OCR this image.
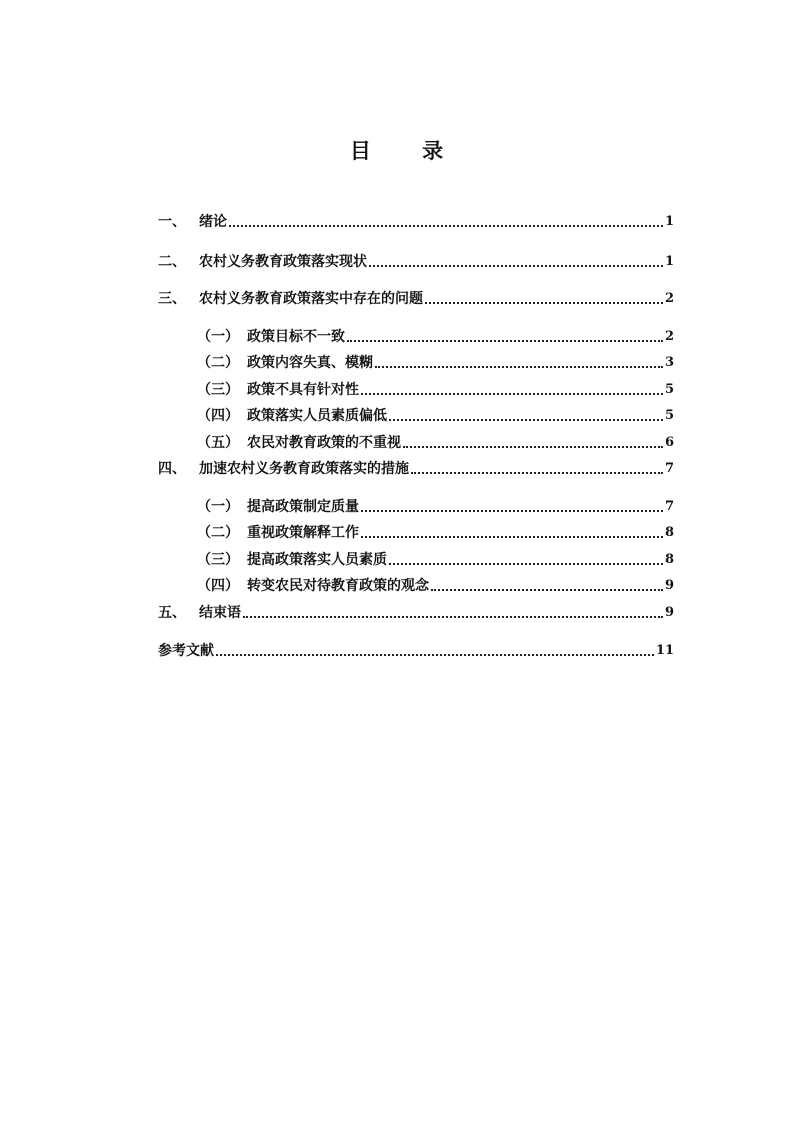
目 录
一、 绪论	1
二、 农村义务教育政策落实现状	1
三、 农村义务教育政策落实中存在的问题	2
（一） 政策目标不一致	2
（二） 政策内容失真、模糊	3
（三） 政策不具有针对性	5
（四） 政策落实人员素质偏低	5
（五） 农民对教育政策的不重视	6
四、 加速农村义务教育政策落实的措施	7
（一） 提高政策制定质量	7
（二） 重视政策解释工作	8
（三） 提高政策落实人员素质	8
（四） 转变农民对待教育政策的观念	9
五、 结束语	9
参考文献	11
